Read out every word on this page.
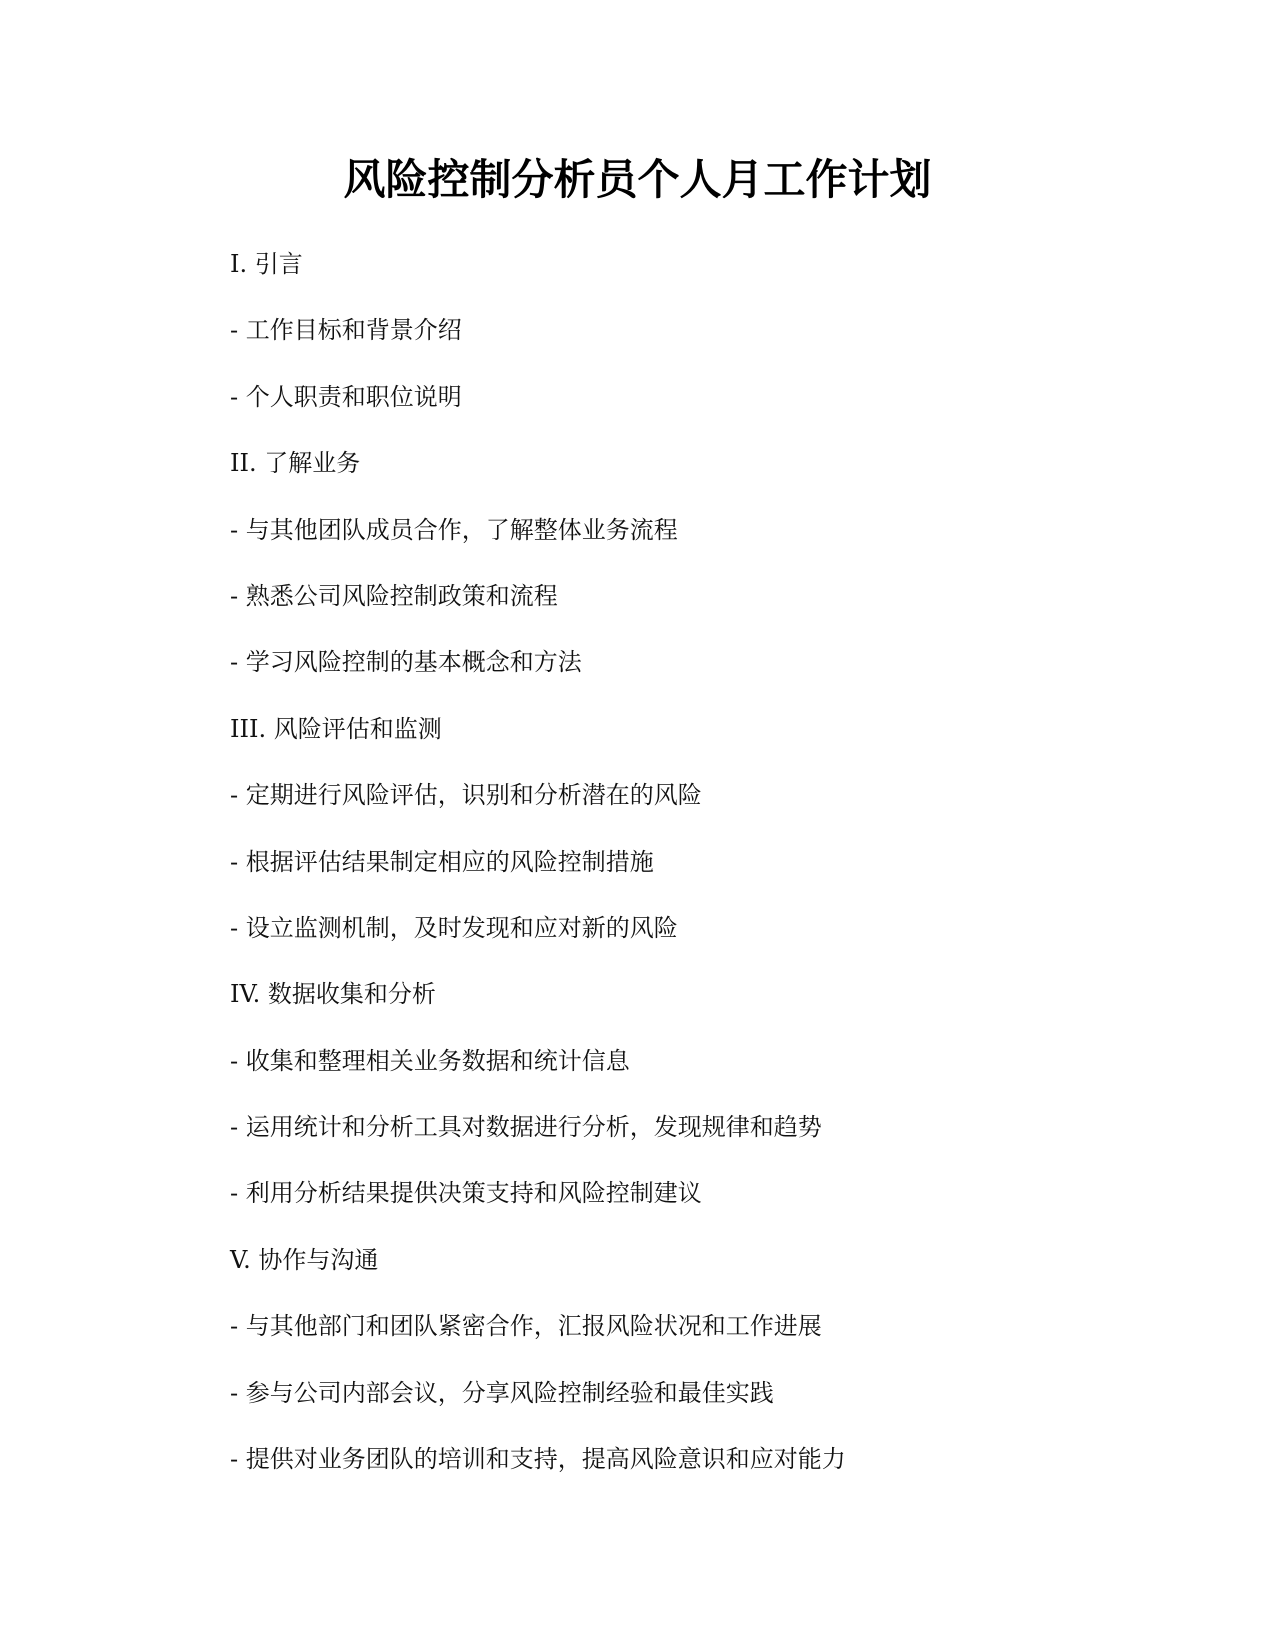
风险控制分析员个人月工作计划
I. 引言
- 工作目标和背景介绍
- 个人职责和职位说明
II. 了解业务
- 与其他团队成员合作，了解整体业务流程
- 熟悉公司风险控制政策和流程
- 学习风险控制的基本概念和方法
III. 风险评估和监测
- 定期进行风险评估，识别和分析潜在的风险
- 根据评估结果制定相应的风险控制措施
- 设立监测机制，及时发现和应对新的风险
IV. 数据收集和分析
- 收集和整理相关业务数据和统计信息
- 运用统计和分析工具对数据进行分析，发现规律和趋势
- 利用分析结果提供决策支持和风险控制建议
V. 协作与沟通
- 与其他部门和团队紧密合作，汇报风险状况和工作进展
- 参与公司内部会议，分享风险控制经验和最佳实践
- 提供对业务团队的培训和支持，提高风险意识和应对能力
